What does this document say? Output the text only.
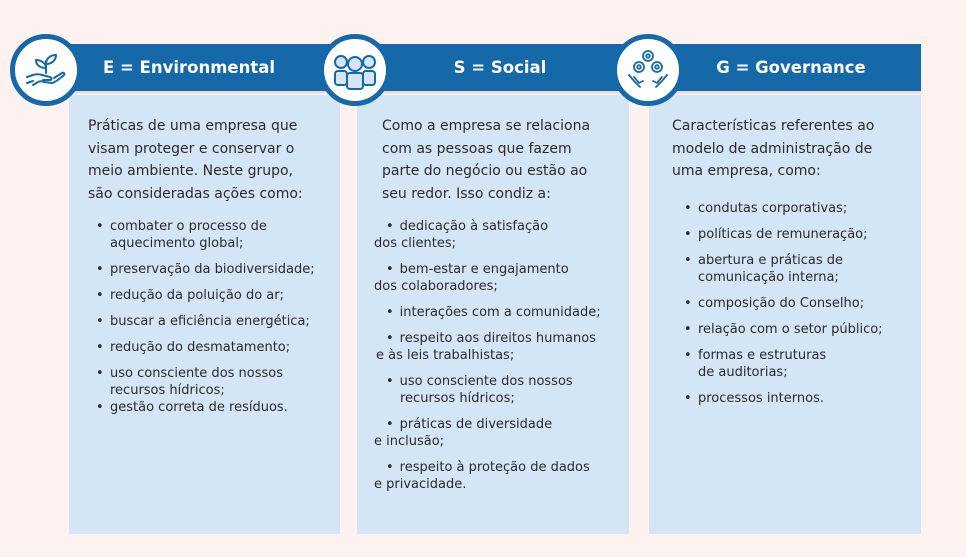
E = Environmental	S = Social	G = Governance

Práticas de uma empresa que
visam proteger e conservar o
meio ambiente. Neste grupo,
são consideradas ações como:

• combater o processo de
aquecimento global;
• preservação da biodiversidade;
• redução da poluição do ar;
• buscar a eficiência energética;
• redução do desmatamento;
• uso consciente dos nossos
recursos hídricos;
• gestão correta de resíduos.

Como a empresa se relaciona
com as pessoas que fazem
parte do negócio ou estão ao
seu redor. Isso condiz a:

• dedicação à satisfação
dos clientes;
• bem-estar e engajamento
dos colaboradores;
• interações com a comunidade;
• respeito aos direitos humanos
e às leis trabalhistas;
• uso consciente dos nossos
recursos hídricos;
• práticas de diversidade
e inclusão;
• respeito à proteção de dados
e privacidade.

Características referentes ao
modelo de administração de
uma empresa, como:

• condutas corporativas;
• políticas de remuneração;
• abertura e práticas de
comunicação interna;
• composição do Conselho;
• relação com o setor público;
• formas e estruturas
de auditorias;
• processos internos.
